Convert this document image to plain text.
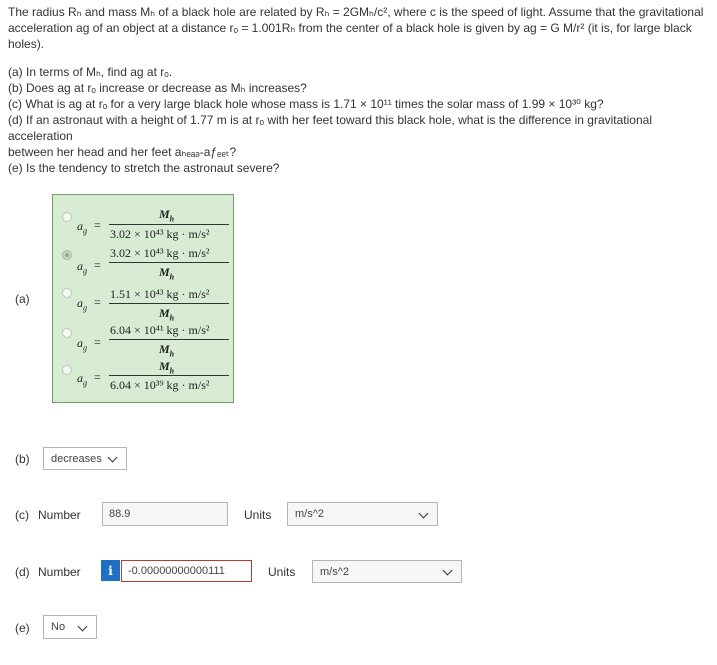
The radius Rₕ and mass Mₕ of a black hole are related by Rₕ = 2GMₕ/c², where c is the speed of light. Assume that the gravitational

acceleration aɡ of an object at a distance rₒ = 1.001Rₕ from the center of a black hole is given by aɡ = G M/r² (it is, for large black holes).

(a) In terms of Mₕ, find aɡ at rₒ.

(b) Does aɡ at rₒ increase or decrease as Mₕ increases?

(c) What is aɡ at rₒ for a very large black hole whose mass is 1.71 × 10¹¹ times the solar mass of 1.99 × 10³⁰ kg?

(d) If an astronaut with a height of 1.77 m is at rₒ with her feet toward this black hole, what is the difference in gravitational acceleration

between her head and her feet aₕₑₐₔ-aƒₑₑₜ?

(e) Is the tendency to stretch the astronaut severe?

(a)
$a_g$ =
$M_h$
3.02 × 10⁴³ kg · m/s²
$a_g$ =
3.02 × 10⁴³ kg · m/s²
$M_h$
$a_g$ =
1.51 × 10⁴³ kg · m/s²
$M_h$
$a_g$ =
6.04 × 10⁴¹ kg · m/s²
$M_h$
$a_g$ =
$M_h$
6.04 × 10³⁹ kg · m/s²
(b) decreases
(c) Number	88.9	Units m/s^2
(d) Number	i	-0.00000000000111	Units m/s^2
(e) No
